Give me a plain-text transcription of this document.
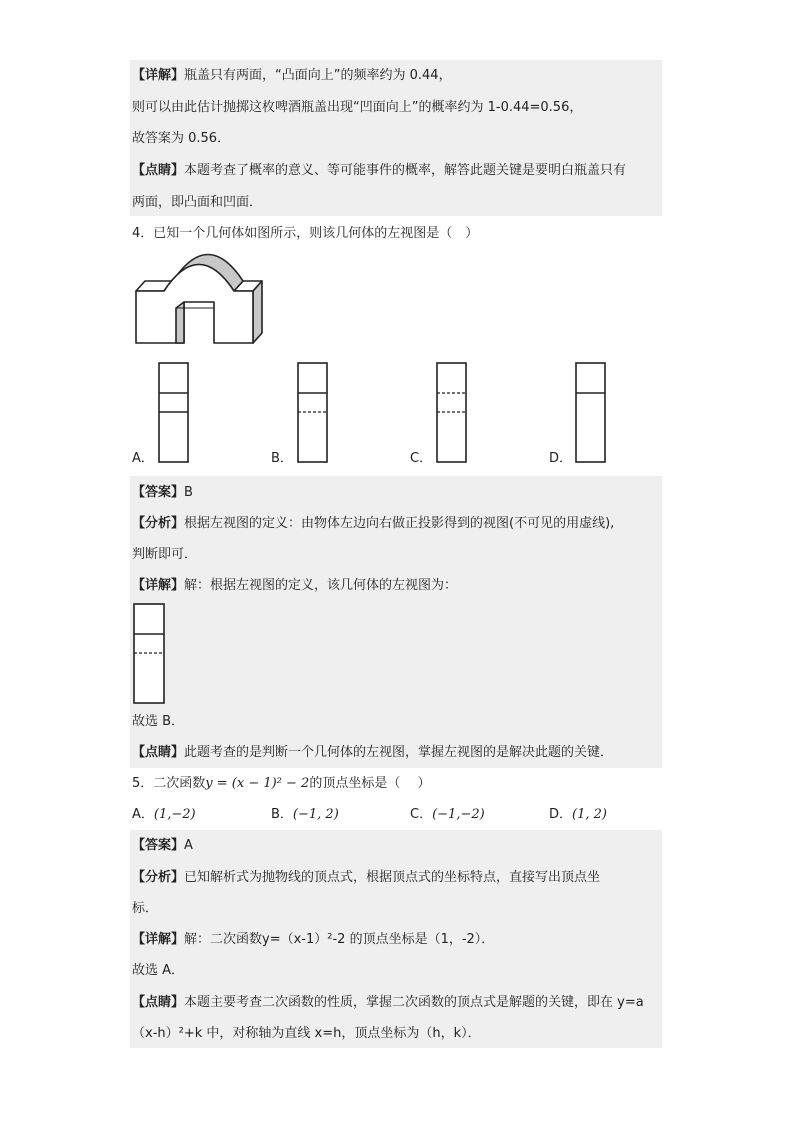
【详解】瓶盖只有两面，“凸面向上”的频率约为 0.44，
则可以由此估计抛掷这枚啤酒瓶盖出现“凹面向上”的概率约为 1-0.44=0.56，
故答案为 0.56．
【点睛】本题考查了概率的意义、等可能事件的概率，解答此题关键是要明白瓶盖只有
两面，即凸面和凹面．
4．已知一个几何体如图所示，则该几何体的左视图是（　）
A．	B．	C．	D．
【答案】B
【分析】根据左视图的定义：由物体左边向右做正投影得到的视图(不可见的用虚线),
判断即可．
【详解】解：根据左视图的定义，该几何体的左视图为：
故选 B．
【点睛】此题考查的是判断一个几何体的左视图，掌握左视图的是解决此题的关键．
5．二次函数y = (x − 1)² − 2的顶点坐标是（　 ）
A．(1,−2)	B．(−1, 2)	C．(−1,−2)	D．(1, 2)
【答案】A
【分析】已知解析式为抛物线的顶点式，根据顶点式的坐标特点，直接写出顶点坐
标．
【详解】解：二次函数y=（x-1）²-2 的顶点坐标是（1，-2）．
故选 A．
【点睛】本题主要考查二次函数的性质，掌握二次函数的顶点式是解题的关键，即在 y=a
（x-h）²+k 中，对称轴为直线 x=h，顶点坐标为（h，k）．
